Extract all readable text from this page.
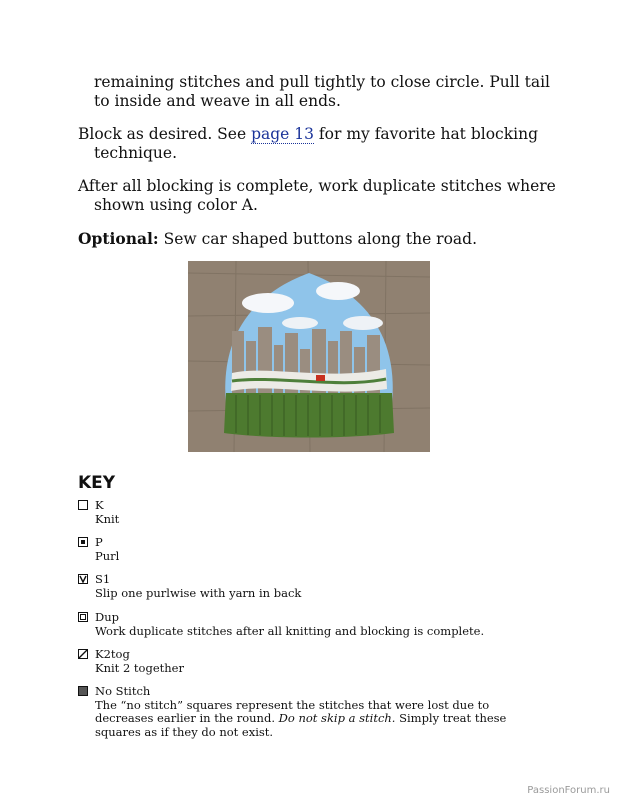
remaining stitches and pull tightly to close circle. Pull tail
to inside and weave in all ends.
Block as desired. See page 13 for my favorite hat blocking technique.
After all blocking is complete, work duplicate stitches where shown using color A.
Optional: Sew car shaped buttons along the road.
KEY
K
Knit
P
Purl
S1
Slip one purlwise with yarn in back
Dup
Work duplicate stitches after all knitting and blocking is complete.
K2tog
Knit 2 together
No Stitch
The “no stitch” squares represent the stitches that were lost due to decreases earlier in the round. Do not skip a stitch. Simply treat these squares as if they do not exist.
PassionForum.ru
